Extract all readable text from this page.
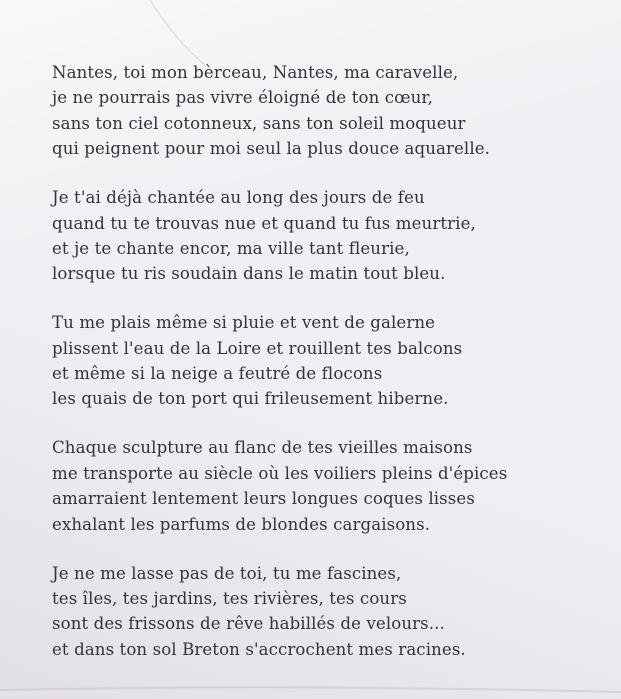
Nantes, toi mon bèrceau, Nantes, ma caravelle,
je ne pourrais pas vivre éloigné de ton cœur,
sans ton ciel cotonneux, sans ton soleil moqueur
qui peignent pour moi seul la plus douce aquarelle.
Je t'ai déjà chantée au long des jours de feu
quand tu te trouvas nue et quand tu fus meurtrie,
et je te chante encor, ma ville tant fleurie,
lorsque tu ris soudain dans le matin tout bleu.
Tu me plais même si pluie et vent de galerne
plissent l'eau de la Loire et rouillent tes balcons
et même si la neige a feutré de flocons
les quais de ton port qui frileusement hiberne.
Chaque sculpture au flanc de tes vieilles maisons
me transporte au siècle où les voiliers pleins d'épices
amarraient lentement leurs longues coques lisses
exhalant les parfums de blondes cargaisons.
Je ne me lasse pas de toi, tu me fascines,
tes îles, tes jardins, tes rivières, tes cours
sont des frissons de rêve habillés de velours...
et dans ton sol Breton s'accrochent mes racines.
